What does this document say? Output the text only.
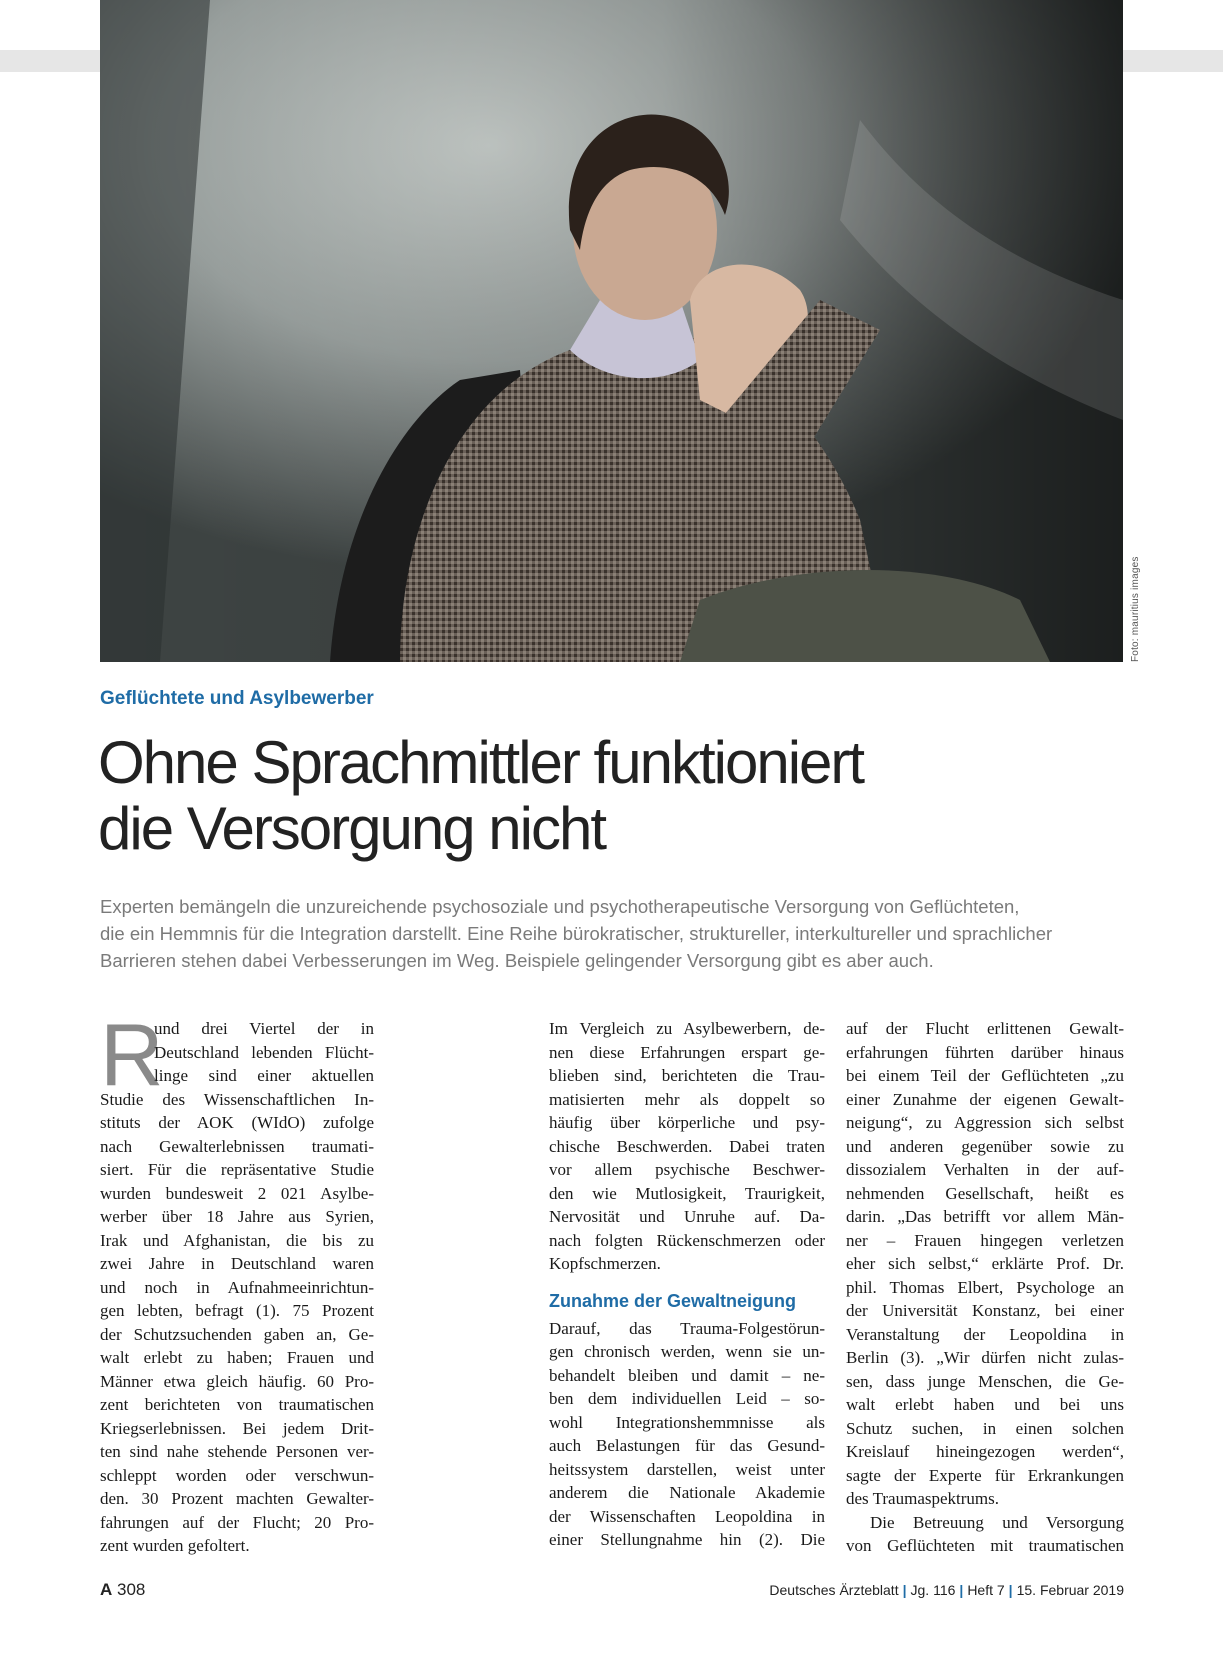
Foto: mauritius images
Geflüchtete und Asylbewerber
Ohne Sprachmittler funktioniert
die Versorgung nicht

Experten bemängeln die unzureichende psychosoziale und psychotherapeutische Versorgung von Geflüchteten,
die ein Hemmnis für die Integration darstellt. Eine Reihe bürokratischer, struktureller, interkultureller und sprachlicher
Barrieren stehen dabei Verbesserungen im Weg. Beispiele gelingender Versorgung gibt es aber auch.

R
und drei Viertel der in
Deutschland lebenden Flücht-
linge sind einer aktuellen
Studie des Wissenschaftlichen In-
stituts der AOK (WIdO) zufolge
nach Gewalterlebnissen traumati-
siert. Für die repräsentative Studie
wurden bundesweit 2 021 Asylbe-
werber über 18 Jahre aus Syrien,
Irak und Afghanistan, die bis zu
zwei Jahre in Deutschland waren
und noch in Aufnahmeeinrichtun-
gen lebten, befragt (1). 75 Prozent
der Schutzsuchenden gaben an, Ge-
walt erlebt zu haben; Frauen und
Männer etwa gleich häufig. 60 Pro-
zent berichteten von traumatischen
Kriegserlebnissen. Bei jedem Drit-
ten sind nahe stehende Personen ver-
schleppt worden oder verschwun-
den. 30 Prozent machten Gewalter-
fahrungen auf der Flucht; 20 Pro-
zent wurden gefoltert.
Im Vergleich zu Asylbewerbern, de-
nen diese Erfahrungen erspart ge-
blieben sind, berichteten die Trau-
matisierten mehr als doppelt so
häufig über körperliche und psy-
chische Beschwerden. Dabei traten
vor allem psychische Beschwer-
den wie Mutlosigkeit, Traurigkeit,
Nervosität und Unruhe auf. Da-
nach folgten Rückenschmerzen oder
Kopfschmerzen.
Zunahme der Gewaltneigung
Darauf, das Trauma-Folgestörun-
gen chronisch werden, wenn sie un-
behandelt bleiben und damit – ne-
ben dem individuellen Leid – so-
wohl Integrationshemmnisse als
auch Belastungen für das Gesund-
heitssystem darstellen, weist unter
anderem die Nationale Akademie
der Wissenschaften Leopoldina in
einer Stellungnahme hin (2). Die
auf der Flucht erlittenen Gewalt-
erfahrungen führten darüber hinaus
bei einem Teil der Geflüchteten „zu
einer Zunahme der eigenen Gewalt-
neigung“, zu Aggression sich selbst
und anderen gegenüber sowie zu
dissozialem Verhalten in der auf-
nehmenden Gesellschaft, heißt es
darin. „Das betrifft vor allem Män-
ner – Frauen hingegen verletzen
eher sich selbst,“ erklärte Prof. Dr.
phil. Thomas Elbert, Psychologe an
der Universität Konstanz, bei einer
Veranstaltung der Leopoldina in
Berlin (3). „Wir dürfen nicht zulas-
sen, dass junge Menschen, die Ge-
walt erlebt haben und bei uns
Schutz suchen, in einen solchen
Kreislauf hineingezogen werden“,
sagte der Experte für Erkrankungen
des Traumaspektrums.
Die Betreuung und Versorgung
von Geflüchteten mit traumatischen
A 308	Deutsches Ärzteblatt | Jg. 116 | Heft 7 | 15. Februar 2019
